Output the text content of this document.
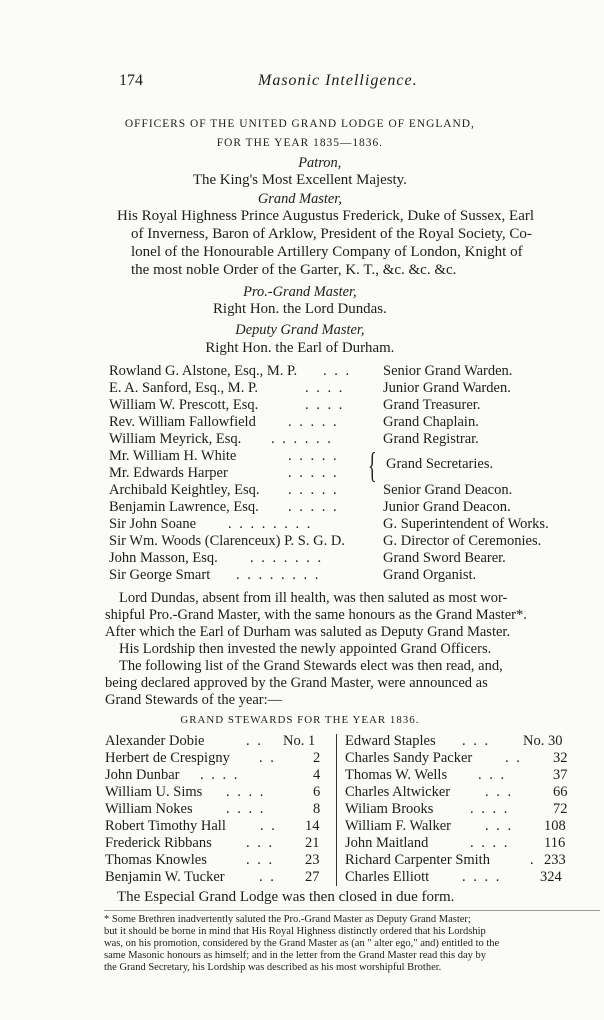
174	Masonic Intelligence.
OFFICERS OF THE UNITED GRAND LODGE OF ENGLAND,
FOR THE YEAR 1835—1836.
Patron,
The King's Most Excellent Majesty.
Grand Master,
His Royal Highness Prince Augustus Frederick, Duke of Sussex, Earl
of Inverness, Baron of Arklow, President of the Royal Society, Co-
lonel of the Honourable Artillery Company of London, Knight of
the most noble Order of the Garter, K. T., &c. &c. &c.
Pro.-Grand Master,
Right Hon. the Lord Dundas.
Deputy Grand Master,
Right Hon. the Earl of Durham.
Rowland G. Alstone, Esq., M. P. . . . Senior Grand Warden.
E. A. Sanford, Esq., M. P.	. . . .	Junior Grand Warden.
William W. Prescott, Esq.	. . . .	Grand Treasurer.
Rev. William Fallowfield . . . . .	Grand Chaplain.
William Meyrick, Esq. . . . . . .	Grand Registrar.
Mr. William H. White	. . . . .
Mr. Edwards Harper	. . . . . { Grand Secretaries.
Archibald Keightley, Esq. . . . . .	Senior Grand Deacon.
Benjamin Lawrence, Esq. . . . . .	Junior Grand Deacon.
Sir John Soane . . . . . . . .	G. Superintendent of Works.
Sir Wm. Woods (Clarenceux) P. S. G. D.	G. Director of Ceremonies.
John Masson, Esq. . . . . . . .	Grand Sword Bearer.
Sir George Smart . . . . . . . .	Grand Organist.
Lord Dundas, absent from ill health, was then saluted as most wor-
shipful Pro.-Grand Master, with the same honours as the Grand Master*.
After which the Earl of Durham was saluted as Deputy Grand Master.
His Lordship then invested the newly appointed Grand Officers.
The following list of the Grand Stewards elect was then read, and,
being declared approved by the Grand Master, were announced as
Grand Stewards of the year:—
GRAND STEWARDS FOR THE YEAR 1836.
Alexander Dobie	. . No. 1
Herbert de Crespigny . .	2
John Dunbar . . . .	4
William U. Sims . . . .	6
William Nokes . . . .	8
Robert Timothy Hall . . 14
Frederick Ribbans . . . 21
Thomas Knowles	. . . 23
Benjamin W. Tucker . . 27
Edward Staples . . . No. 30
Charles Sandy Packer . . 32
Thomas W. Wells . . .	37
Charles Altwicker . . .	66
Wiliam Brooks	. . . .	72
William F. Walker . . . 108
John Maitland	. . . . 116
Richard Carpenter Smith	. 233
Charles Elliott . . . .	324
The Especial Grand Lodge was then closed in due form.
* Some Brethren inadvertently saluted the Pro.-Grand Master as Deputy Grand Master;
but it should be borne in mind that His Royal Highness distinctly ordered that his Lordship
was, on his promotion, considered by the Grand Master as (an " alter ego," and) entitled to the
same Masonic honours as himself; and in the letter from the Grand Master read this day by
the Grand Secretary, his Lordship was described as his most worshipful Brother.
